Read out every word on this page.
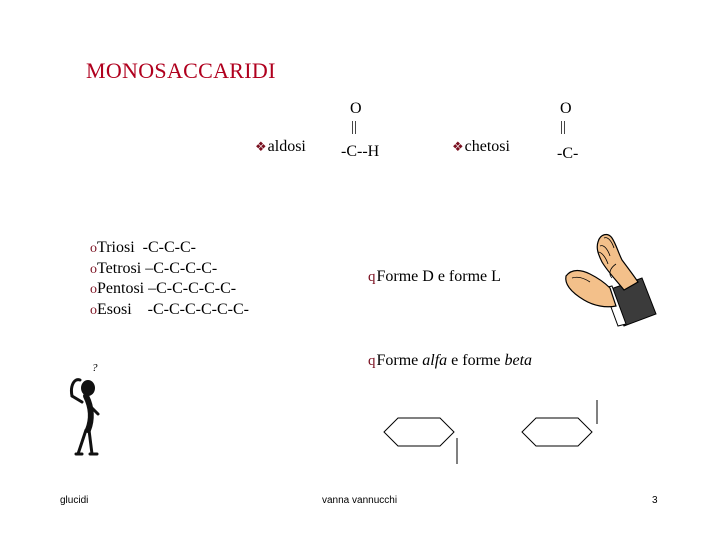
MONOSACCARIDI
O
||
❖aldosi -C--H
O
||
❖chetosi	-C-
oTriosi  -C-C-C-
oTetrosi –C-C-C-C-
oPentosi –C-C-C-C-C-
oEsosi    -C-C-C-C-C-C-
qForme D e forme L
qForme alfa e forme beta
?
glucidi	vanna vannucchi	3
